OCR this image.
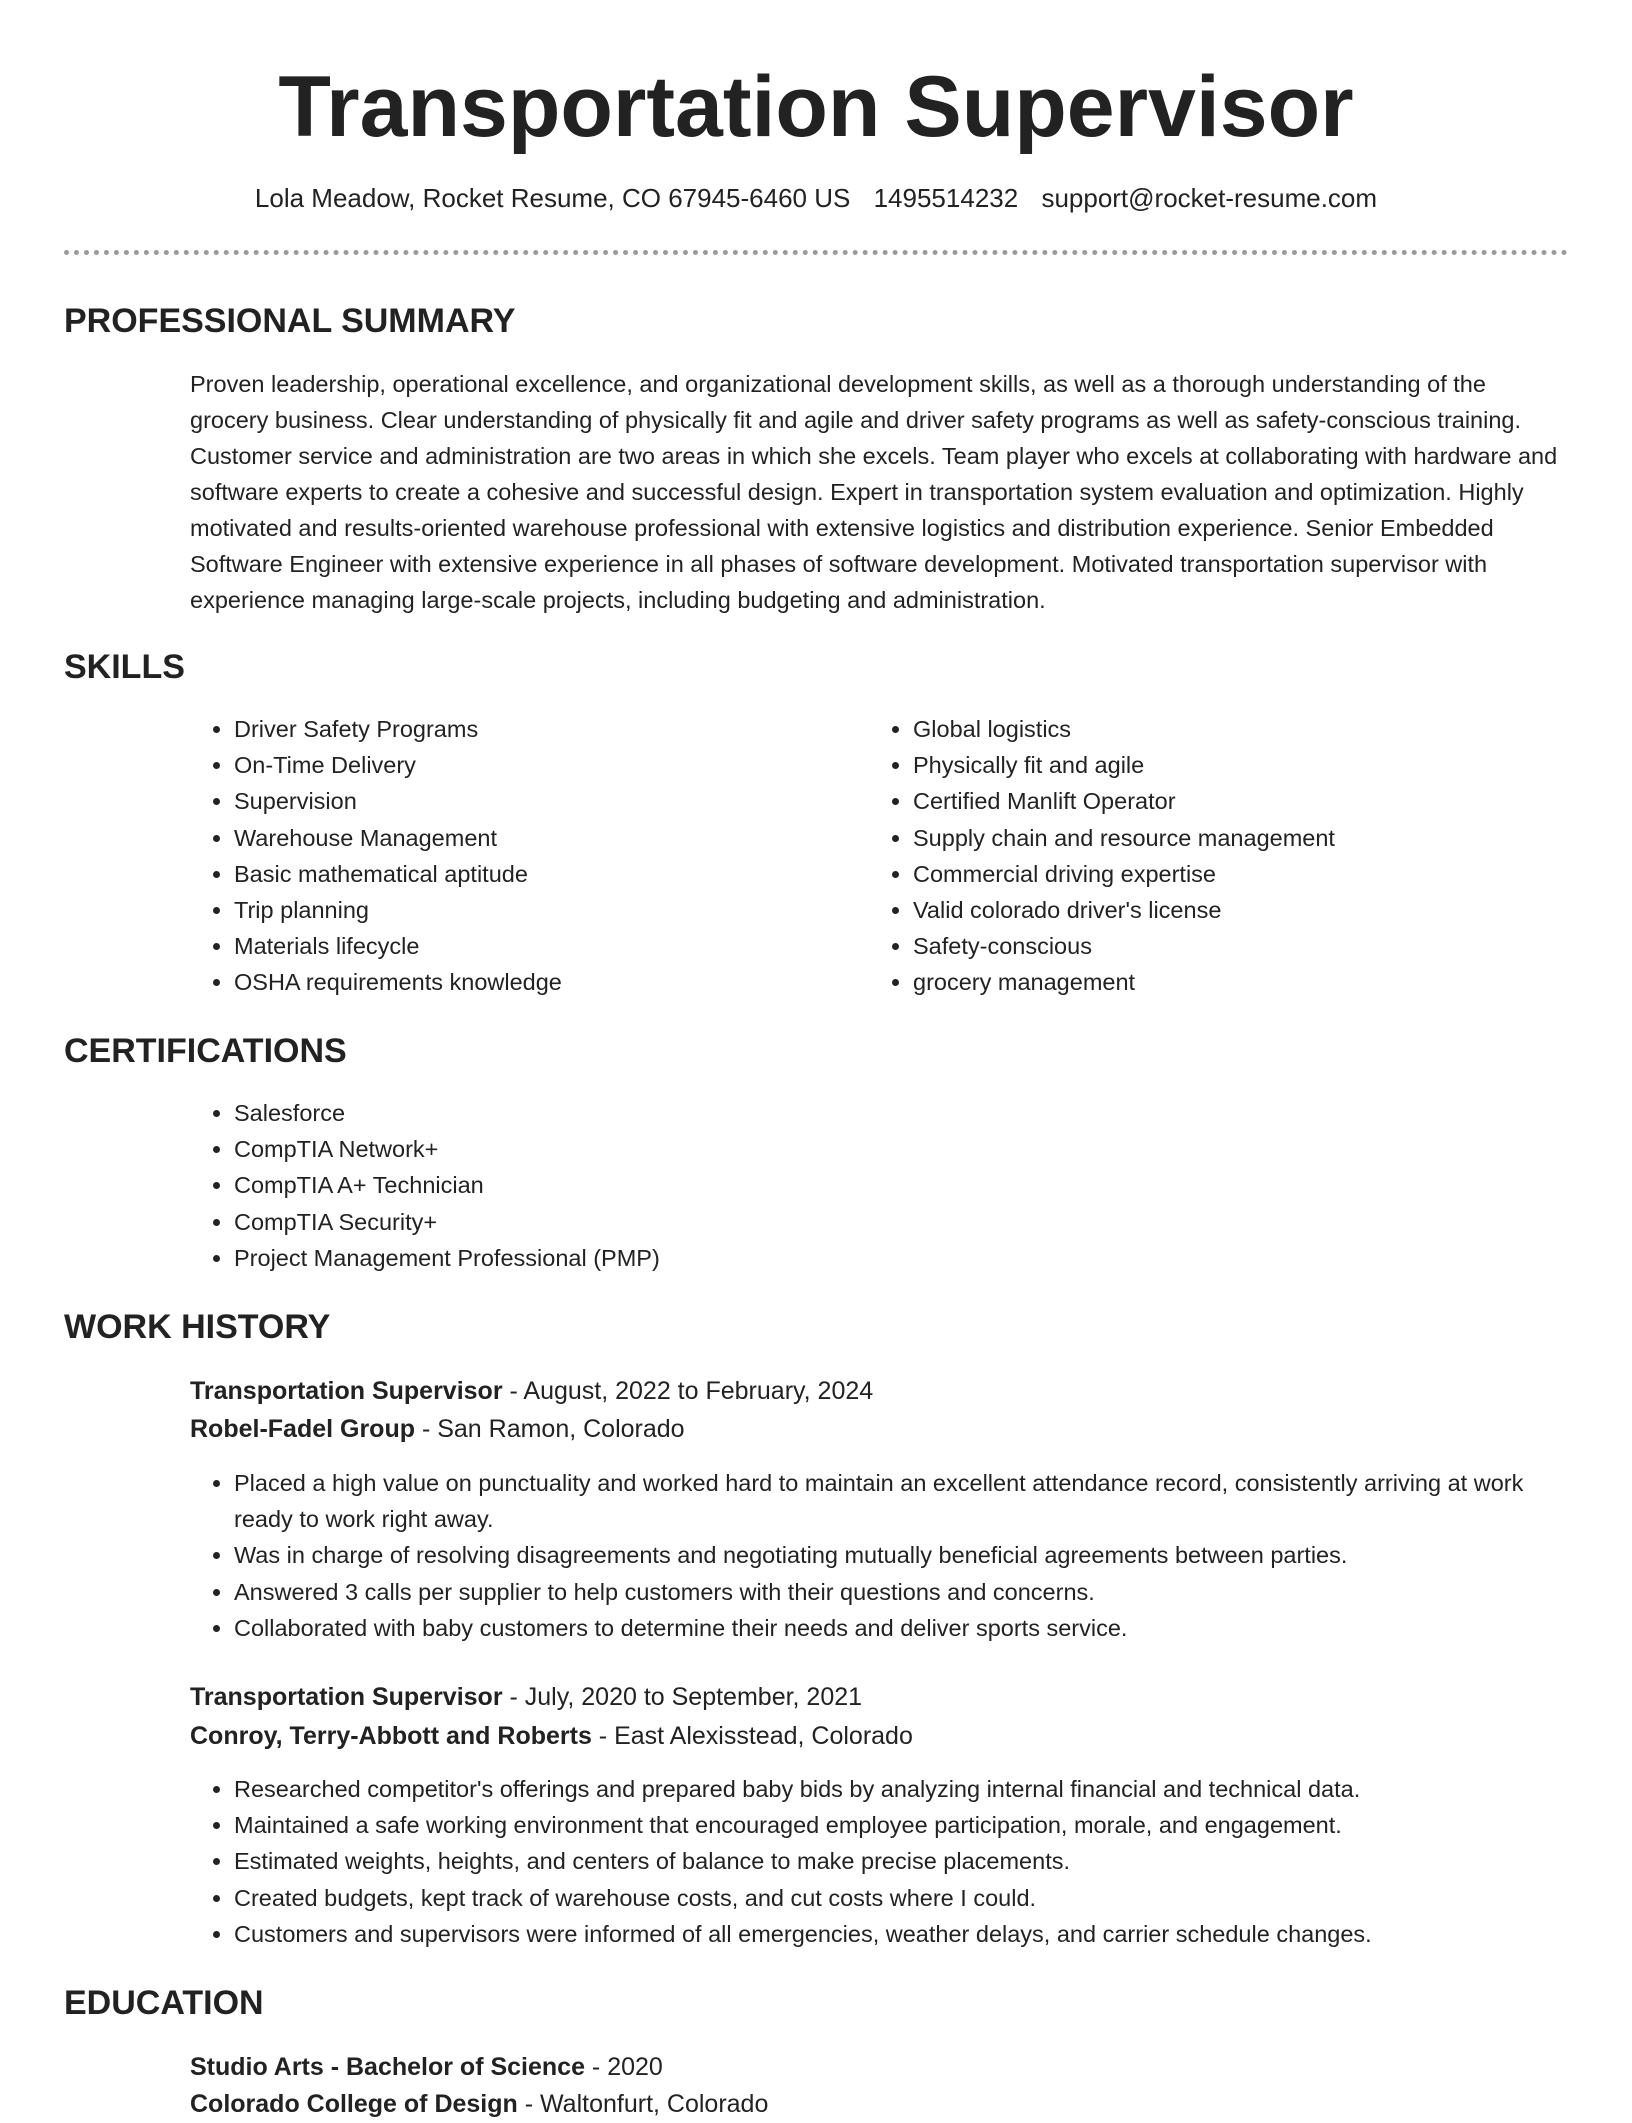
Transportation Supervisor
Lola Meadow, Rocket Resume, CO 67945-6460 US 1495514232 support@rocket-resume.com
PROFESSIONAL SUMMARY

Proven leadership, operational excellence, and organizational development skills, as well as a thorough understanding of the grocery business. Clear understanding of physically fit and agile and driver safety programs as well as safety-conscious training. Customer service and administration are two areas in which she excels. Team player who excels at collaborating with hardware and software experts to create a cohesive and successful design. Expert in transportation system evaluation and optimization. Highly motivated and results-oriented warehouse professional with extensive logistics and distribution experience. Senior Embedded Software Engineer with extensive experience in all phases of software development. Motivated transportation supervisor with experience managing large-scale projects, including budgeting and administration.

SKILLS
• Driver Safety Programs
• On-Time Delivery
• Supervision
• Warehouse Management
• Basic mathematical aptitude
• Trip planning
• Materials lifecycle
• OSHA requirements knowledge
• Global logistics
• Physically fit and agile
• Certified Manlift Operator
• Supply chain and resource management
• Commercial driving expertise
• Valid colorado driver's license
• Safety-conscious
• grocery management
CERTIFICATIONS
• Salesforce
• CompTIA Network+
• CompTIA A+ Technician
• CompTIA Security+
• Project Management Professional (PMP)
WORK HISTORY

Transportation Supervisor - August, 2022 to February, 2024

Robel-Fadel Group - San Ramon, Colorado

• Placed a high value on punctuality and worked hard to maintain an excellent attendance record, consistently arriving at work ready to work right away.
• Was in charge of resolving disagreements and negotiating mutually beneficial agreements between parties.
• Answered 3 calls per supplier to help customers with their questions and concerns.
• Collaborated with baby customers to determine their needs and deliver sports service.

Transportation Supervisor - July, 2020 to September, 2021

Conroy, Terry-Abbott and Roberts - East Alexisstead, Colorado

• Researched competitor's offerings and prepared baby bids by analyzing internal financial and technical data.
• Maintained a safe working environment that encouraged employee participation, morale, and engagement.
• Estimated weights, heights, and centers of balance to make precise placements.
• Created budgets, kept track of warehouse costs, and cut costs where I could.
• Customers and supervisors were informed of all emergencies, weather delays, and carrier schedule changes.
EDUCATION

Studio Arts - Bachelor of Science - 2020

Colorado College of Design - Waltonfurt, Colorado
